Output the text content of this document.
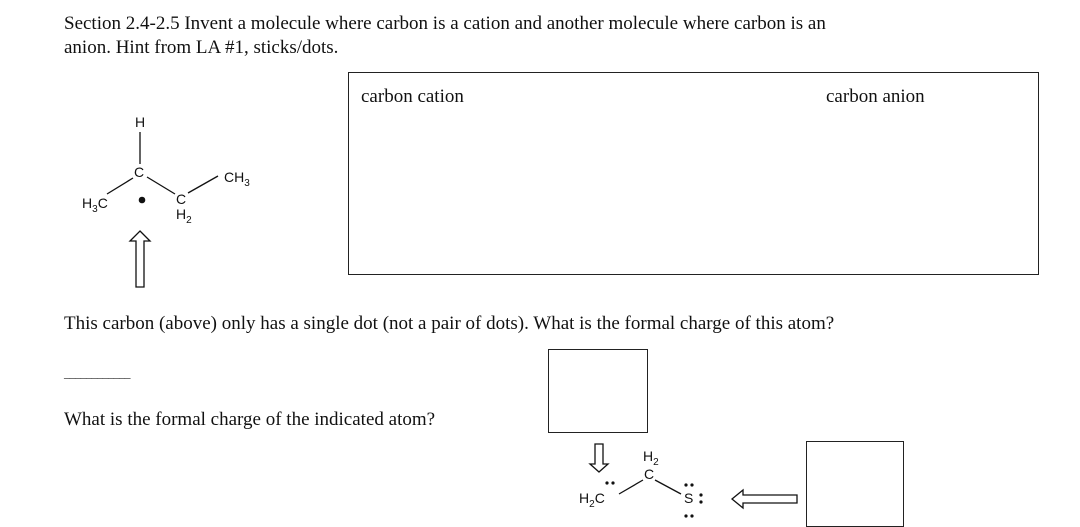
Section 2.4-2.5 Invent a molecule where carbon is a cation and another molecule where carbon is an
anion. Hint from LA #1, sticks/dots.
H
C
$H_3C$	C
$H_2$
$CH_3$
carbon cation	carbon anion
This carbon (above) only has a single dot (not a pair of dots). What is the formal charge of this atom?
____________
What is the formal charge of the indicated atom?
$H_2C$
$H_2$
C
S
